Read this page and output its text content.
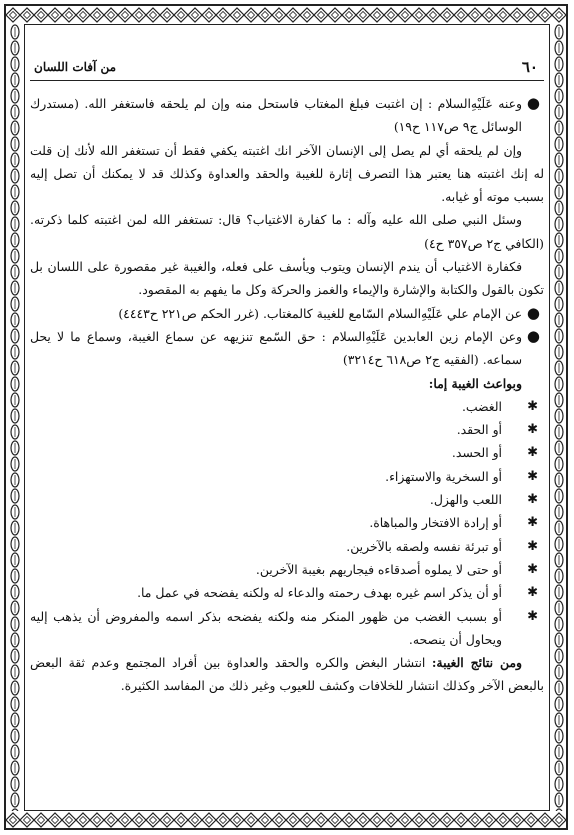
٦٠
من آفات اللسان

●
وعنه عَلَيْهِ‌السلام : إن اغتبت فبلغ المغتاب فاستحل منه وإن لم يلحقه فاستغفر الله. (مستدرك الوسائل ج٩ ص١١٧ ح١٩)

وإن لم يلحقه أي لم يصل إلى الإنسان الآخر انك اغتبته يكفي فقط أن تستغفر الله لأنك إن قلت له إنك اغتبته هنا يعتبر هذا التصرف إثارة للغيبة والحقد والعداوة وكذلك قد لا يمكنك أن تصل إليه بسبب موته أو غيابه.

وسئل النبي صلى الله عليه وآله : ما كفارة الاغتياب؟ قال: تستغفر الله لمن اغتبته كلما ذكرته. (الكافي ج٢ ص٣٥٧ ح٤)

فكفارة الاغتياب أن يندم الإنسان ويتوب ويأسف على فعله، والغيبة غير مقصورة على اللسان بل تكون بالقول والكتابة والإشارة والإيماء والغمز والحركة وكل ما يفهم به المقصود.

●
عن الإمام علي عَلَيْهِ‌السلام السّامع للغيبة كالمغتاب. (غرر الحكم ص٢٢١ ح٤٤٤٣)

●
وعن الإمام زين العابدين عَلَيْهِ‌السلام : حق السّمع تنزيهه عن سماع الغيبة، وسماع ما لا يحل سماعه. (الفقيه ج٢ ص٦١٨ ح٣٢١٤)

وبواعث الغيبة إما:

✱
الغضب.

✱
أو الحقد.

✱
أو الحسد.

✱
أو السخرية والاستهزاء.

✱
اللعب والهزل.

✱
أو إرادة الافتخار والمباهاة.

✱
أو تبرئة نفسه ولصقه بالآخرين.

✱
أو حتى لا يملوه أصدقاءه فيجاريهم بغيبة الآخرين.

✱
أو أن يذكر اسم غيره بهدف رحمته والدعاء له ولكنه يفضحه في عمل ما.

✱
أو بسبب الغضب من ظهور المنكر منه ولكنه يفضحه بذكر اسمه والمفروض أن يذهب إليه ويحاول أن ينصحه.

ومن نتائج الغيبة: انتشار البغض والكره والحقد والعداوة بين أفراد المجتمع وعدم ثقة البعض بالبعض الآخر وكذلك انتشار للخلافات وكشف للعيوب وغير ذلك من المفاسد الكثيرة.
